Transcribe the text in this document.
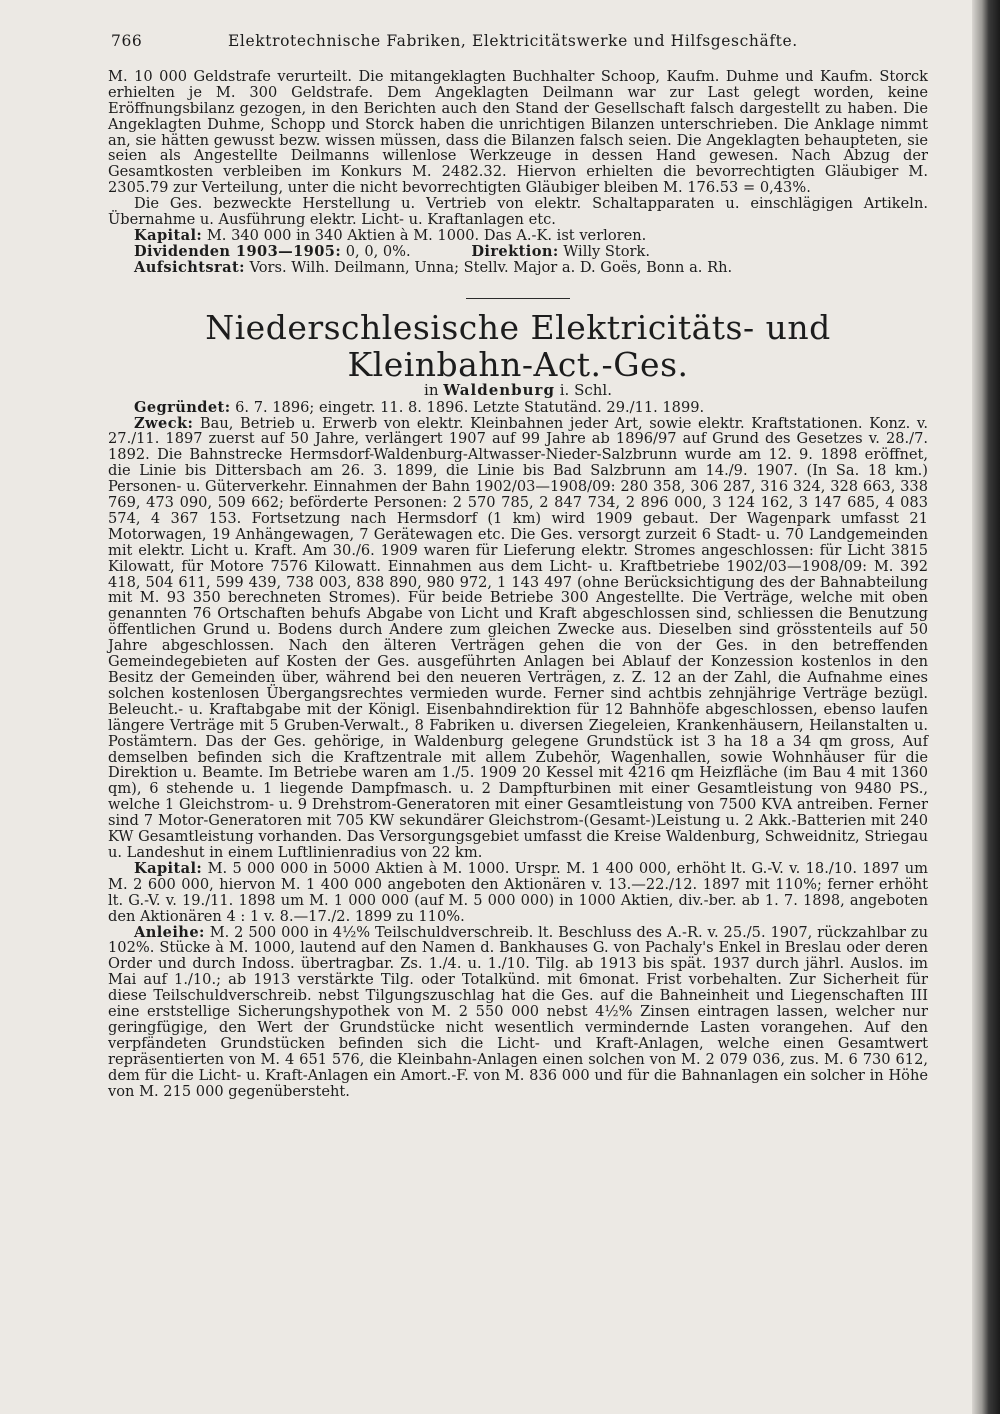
766	Elektrotechnische Fabriken, Elektricitätswerke und Hilfsgeschäfte.

M. 10 000 Geldstrafe verurteilt. Die mitangeklagten Buchhalter Schoop, Kaufm. Duhme und Kaufm. Storck erhielten je M. 300 Geldstrafe. Dem Angeklagten Deilmann war zur Last gelegt worden, keine Eröffnungsbilanz gezogen, in den Berichten auch den Stand der Gesellschaft falsch dargestellt zu haben. Die Angeklagten Duhme, Schopp und Storck haben die unrichtigen Bilanzen unterschrieben. Die Anklage nimmt an, sie hätten gewusst bezw. wissen müssen, dass die Bilanzen falsch seien. Die Angeklagten behaupteten, sie seien als Angestellte Deilmanns willenlose Werkzeuge in dessen Hand gewesen. Nach Abzug der Gesamtkosten verbleiben im Konkurs M. 2482.32. Hiervon erhielten die bevorrechtigten Gläubiger M. 2305.79 zur Verteilung, unter die nicht bevorrechtigten Gläubiger bleiben M. 176.53 = 0,43%.

Die Ges. bezweckte Herstellung u. Vertrieb von elektr. Schaltapparaten u. einschlägigen Artikeln. Übernahme u. Ausführung elektr. Licht- u. Kraftanlagen etc.

Kapital: M. 340 000 in 340 Aktien à M. 1000. Das A.-K. ist verloren.

Dividenden 1903—1905: 0, 0, 0%.	Direktion: Willy Stork.

Aufsichtsrat: Vors. Wilh. Deilmann, Unna; Stellv. Major a. D. Goës, Bonn a. Rh.

Niederschlesische Elektricitäts- und Kleinbahn-Act.-Ges.
in Waldenburg i. Schl.

Gegründet: 6. 7. 1896; eingetr. 11. 8. 1896. Letzte Statutänd. 29./11. 1899.

Zweck: Bau, Betrieb u. Erwerb von elektr. Kleinbahnen jeder Art, sowie elektr. Kraftstationen. Konz. v. 27./11. 1897 zuerst auf 50 Jahre, verlängert 1907 auf 99 Jahre ab 1896/97 auf Grund des Gesetzes v. 28./7. 1892. Die Bahnstrecke Hermsdorf-Waldenburg-Altwasser-Nieder-Salzbrunn wurde am 12. 9. 1898 eröffnet, die Linie bis Dittersbach am 26. 3. 1899, die Linie bis Bad Salzbrunn am 14./9. 1907. (In Sa. 18 km.) Personen- u. Güterverkehr. Einnahmen der Bahn 1902/03—1908/09: 280 358, 306 287, 316 324, 328 663, 338 769, 473 090, 509 662; beförderte Personen: 2 570 785, 2 847 734, 2 896 000, 3 124 162, 3 147 685, 4 083 574, 4 367 153. Fortsetzung nach Hermsdorf (1 km) wird 1909 gebaut. Der Wagenpark umfasst 21 Motorwagen, 19 Anhängewagen, 7 Gerätewagen etc. Die Ges. versorgt zurzeit 6 Stadt- u. 70 Landgemeinden mit elektr. Licht u. Kraft. Am 30./6. 1909 waren für Lieferung elektr. Stromes angeschlossen: für Licht 3815 Kilowatt, für Motore 7576 Kilowatt. Einnahmen aus dem Licht- u. Kraftbetriebe 1902/03—1908/09: M. 392 418, 504 611, 599 439, 738 003, 838 890, 980 972, 1 143 497 (ohne Berücksichtigung des der Bahnabteilung mit M. 93 350 berechneten Stromes). Für beide Betriebe 300 Angestellte. Die Verträge, welche mit oben genannten 76 Ortschaften behufs Abgabe von Licht und Kraft abgeschlossen sind, schliessen die Benutzung öffentlichen Grund u. Bodens durch Andere zum gleichen Zwecke aus. Dieselben sind grösstenteils auf 50 Jahre abgeschlossen. Nach den älteren Verträgen gehen die von der Ges. in den betreffenden Gemeindegebieten auf Kosten der Ges. ausgeführten Anlagen bei Ablauf der Konzession kostenlos in den Besitz der Gemeinden über, während bei den neueren Verträgen, z. Z. 12 an der Zahl, die Aufnahme eines solchen kostenlosen Übergangsrechtes vermieden wurde. Ferner sind achtbis zehnjährige Verträge bezügl. Beleucht.- u. Kraftabgabe mit der Königl. Eisenbahndirektion für 12 Bahnhöfe abgeschlossen, ebenso laufen längere Verträge mit 5 Gruben-Verwalt., 8 Fabriken u. diversen Ziegeleien, Krankenhäusern, Heilanstalten u. Postämtern. Das der Ges. gehörige, in Waldenburg gelegene Grundstück ist 3 ha 18 a 34 qm gross, Auf demselben befinden sich die Kraftzentrale mit allem Zubehör, Wagenhallen, sowie Wohnhäuser für die Direktion u. Beamte. Im Betriebe waren am 1./5. 1909 20 Kessel mit 4216 qm Heizfläche (im Bau 4 mit 1360 qm), 6 stehende u. 1 liegende Dampfmasch. u. 2 Dampfturbinen mit einer Gesamtleistung von 9480 PS., welche 1 Gleichstrom- u. 9 Drehstrom-Generatoren mit einer Gesamtleistung von 7500 KVA antreiben. Ferner sind 7 Motor-Generatoren mit 705 KW sekundärer Gleichstrom-(Gesamt-)Leistung u. 2 Akk.-Batterien mit 240 KW Gesamtleistung vorhanden. Das Versorgungsgebiet umfasst die Kreise Waldenburg, Schweidnitz, Striegau u. Landeshut in einem Luftlinienradius von 22 km.

Kapital: M. 5 000 000 in 5000 Aktien à M. 1000. Urspr. M. 1 400 000, erhöht lt. G.-V. v. 18./10. 1897 um M. 2 600 000, hiervon M. 1 400 000 angeboten den Aktionären v. 13.—22./12. 1897 mit 110%; ferner erhöht lt. G.-V. v. 19./11. 1898 um M. 1 000 000 (auf M. 5 000 000) in 1000 Aktien, div.-ber. ab 1. 7. 1898, angeboten den Aktionären 4 : 1 v. 8.—17./2. 1899 zu 110%.

Anleihe: M. 2 500 000 in 4½% Teilschuldverschreib. lt. Beschluss des A.-R. v. 25./5. 1907, rückzahlbar zu 102%. Stücke à M. 1000, lautend auf den Namen d. Bankhauses G. von Pachaly's Enkel in Breslau oder deren Order und durch Indoss. übertragbar. Zs. 1./4. u. 1./10. Tilg. ab 1913 bis spät. 1937 durch jährl. Auslos. im Mai auf 1./10.; ab 1913 verstärkte Tilg. oder Totalkünd. mit 6monat. Frist vorbehalten. Zur Sicherheit für diese Teilschuldverschreib. nebst Tilgungszuschlag hat die Ges. auf die Bahneinheit und Liegenschaften III eine erststellige Sicherungshypothek von M. 2 550 000 nebst 4½% Zinsen eintragen lassen, welcher nur geringfügige, den Wert der Grundstücke nicht wesentlich vermindernde Lasten vorangehen. Auf den verpfändeten Grundstücken befinden sich die Licht- und Kraft-Anlagen, welche einen Gesamtwert repräsentierten von M. 4 651 576, die Kleinbahn-Anlagen einen solchen von M. 2 079 036, zus. M. 6 730 612, dem für die Licht- u. Kraft-Anlagen ein Amort.-F. von M. 836 000 und für die Bahnanlagen ein solcher in Höhe von M. 215 000 gegenübersteht.
